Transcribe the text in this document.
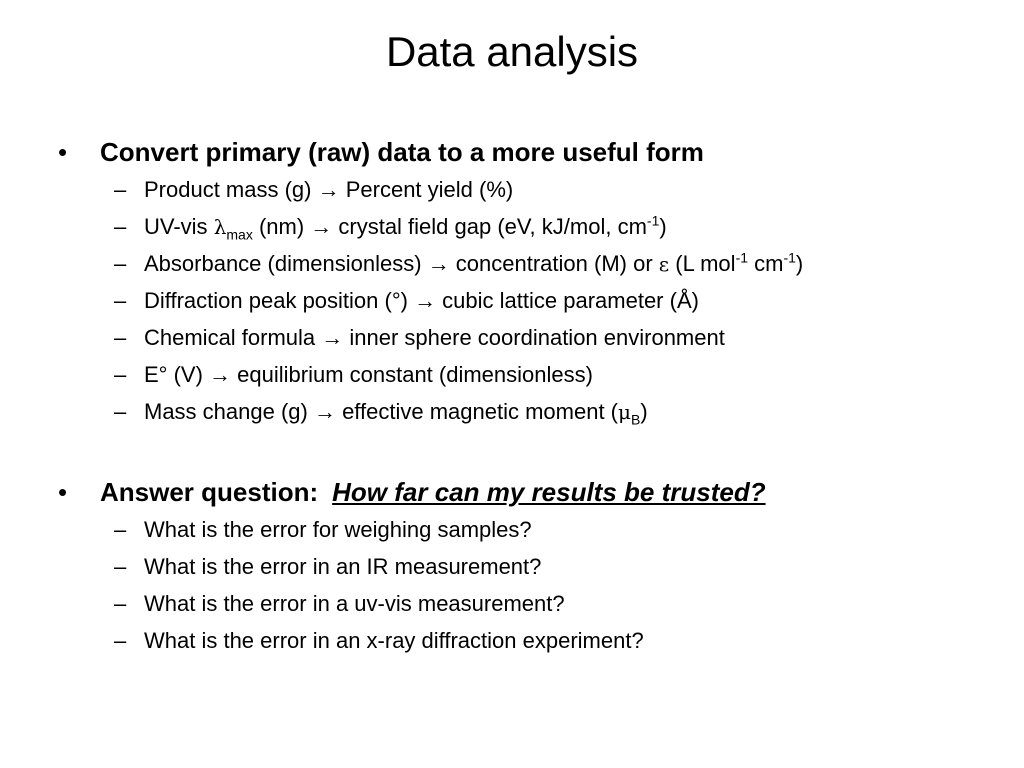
Data analysis
•	Convert primary (raw) data to a more useful form
– Product mass (g) → Percent yield (%)
– UV-vis $\lambda_{max}$ (nm) → crystal field gap (eV, kJ/mol, $cm^{-1}$)
– Absorbance (dimensionless) → concentration (M) or ε (L mol$^{-1}$ $cm^{-1}$)
– Diffraction peak position (°) → cubic lattice parameter (Å)
– Chemical formula → inner sphere coordination environment
– E° (V) → equilibrium constant (dimensionless)
– Mass change (g) → effective magnetic moment $(\mu_B)$
•	Answer question: How far can my results be trusted?
– What is the error for weighing samples?
– What is the error in an IR measurement?
– What is the error in a uv-vis measurement?
– What is the error in an x-ray diffraction experiment?
